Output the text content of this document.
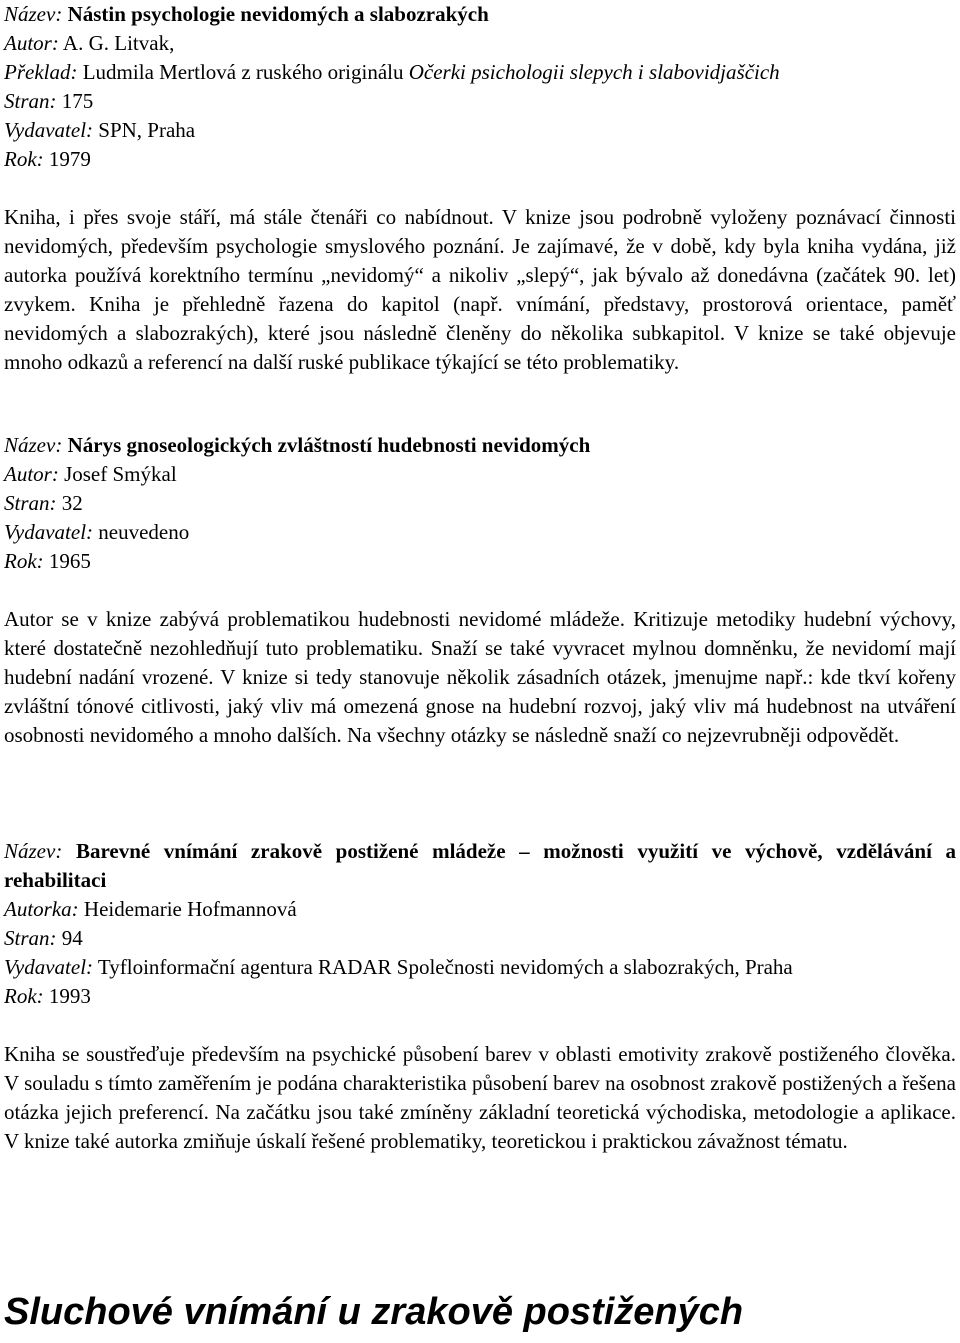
Název: Nástin psychologie nevidomých a slabozrakých
Autor: A. G. Litvak,
Překlad: Ludmila Mertlová z ruského originálu Očerki psichologii slepych i slabovidjaščich
Stran: 175
Vydavatel: SPN, Praha
Rok: 1979

Kniha, i přes svoje stáří, má stále čtenáři co nabídnout. V knize jsou podrobně vyloženy poznávací činnosti nevidomých, především psychologie smyslového poznání. Je zajímavé, že v době, kdy byla kniha vydána, již autorka používá korektního termínu „nevidomý“ a nikoliv „slepý“, jak bývalo až donedávna (začátek 90. let) zvykem. Kniha je přehledně řazena do kapitol (např. vnímání, představy, prostorová orientace, paměť nevidomých a slabozrakých), které jsou následně členěny do několika subkapitol. V knize se také objevuje mnoho odkazů a referencí na další ruské publikace týkající se této problematiky.

Název: Nárys gnoseologických zvláštností hudebnosti nevidomých
Autor: Josef Smýkal
Stran: 32
Vydavatel: neuvedeno
Rok: 1965

Autor se v knize zabývá problematikou hudebnosti nevidomé mládeže. Kritizuje metodiky hudební výchovy, které dostatečně nezohledňují tuto problematiku. Snaží se také vyvracet mylnou domněnku, že nevidomí mají hudební nadání vrozené. V knize si tedy stanovuje několik zásadních otázek, jmenujme např.: kde tkví kořeny zvláštní tónové citlivosti, jaký vliv má omezená gnose na hudební rozvoj, jaký vliv má hudebnost na utváření osobnosti nevidomého a mnoho dalších. Na všechny otázky se následně snaží co nejzevrubněji odpovědět.

Název: Barevné vnímání zrakově postižené mládeže – možnosti využití ve výchově, vzdělávání a rehabilitaci
Autorka: Heidemarie Hofmannová
Stran: 94
Vydavatel: Tyfloinformační agentura RADAR Společnosti nevidomých a slabozrakých, Praha
Rok: 1993

Kniha se soustřeďuje především na psychické působení barev v oblasti emotivity zrakově postiženého člověka. V souladu s tímto zaměřením je podána charakteristika působení barev na osobnost zrakově postižených a řešena otázka jejich preferencí. Na začátku jsou také zmíněny základní teoretická východiska, metodologie a aplikace. V knize také autorka zmiňuje úskalí řešené problematiky, teoretickou i praktickou závažnost tématu.

Sluchové vnímání u zrakově postižených
